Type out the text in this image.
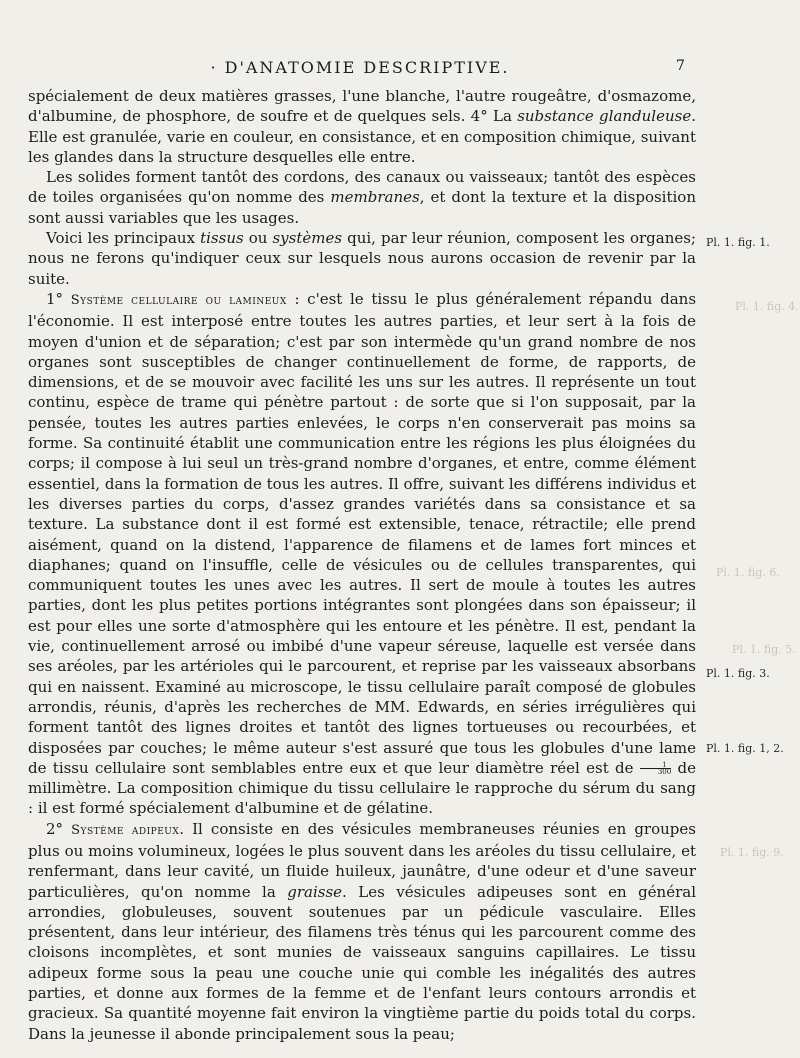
· D'ANATOMIE DESCRIPTIVE.	7

spécialement de deux matières grasses, l'une blanche, l'autre rougeâtre, d'osmazome, d'albumine, de phosphore, de soufre et de quelques sels. 4° La substance glanduleuse. Elle est granulée, varie en couleur, en consistance, et en composition chimique, suivant les glandes dans la structure desquelles elle entre.

Les solides forment tantôt des cordons, des canaux ou vaisseaux; tantôt des espèces de toiles organisées qu'on nomme des membranes, et dont la texture et la disposition sont aussi variables que les usages.

Voici les principaux tissus ou systèmes qui, par leur réunion, composent les organes; nous ne ferons qu'indiquer ceux sur lesquels nous aurons occasion de revenir par la suite.

1° Système cellulaire ou lamineux : c'est le tissu le plus généralement répandu dans l'économie. Il est interposé entre toutes les autres parties, et leur sert à la fois de moyen d'union et de séparation; c'est par son intermède qu'un grand nombre de nos organes sont susceptibles de changer continuellement de forme, de rapports, de dimensions, et de se mouvoir avec facilité les uns sur les autres. Il représente un tout continu, espèce de trame qui pénètre partout : de sorte que si l'on supposait, par la pensée, toutes les autres parties enlevées, le corps n'en conserverait pas moins sa forme. Sa continuité établit une communication entre les régions les plus éloignées du corps; il compose à lui seul un très-grand nombre d'organes, et entre, comme élément essentiel, dans la formation de tous les autres. Il offre, suivant les différens individus et les diverses parties du corps, d'assez grandes variétés dans sa consistance et sa texture. La substance dont il est formé est extensible, tenace, rétractile; elle prend aisément, quand on la distend, l'apparence de filamens et de lames fort minces et diaphanes; quand on l'insuffle, celle de vésicules ou de cellules transparentes, qui communiquent toutes les unes avec les autres. Il sert de moule à toutes les autres parties, dont les plus petites portions intégrantes sont plongées dans son épaisseur; il est pour elles une sorte d'atmosphère qui les entoure et les pénètre. Il est, pendant la vie, continuellement arrosé ou imbibé d'une vapeur séreuse, laquelle est versée dans ses aréoles, par les artérioles qui le parcourent, et reprise par les vaisseaux absorbans qui en naissent. Examiné au microscope, le tissu cellulaire paraît composé de globules arrondis, réunis, d'après les recherches de MM. Edwards, en séries irrégulières qui forment tantôt des lignes droites et tantôt des lignes tortueuses ou recourbées, et disposées par couches; le même auteur s'est assuré que tous les globules d'une lame de tissu cellulaire sont semblables entre eux et que leur diamètre réel est de $\frac{1}{300}$ de millimètre. La composition chimique du tissu cellulaire le rapproche du sérum du sang : il est formé spécialement d'albumine et de gélatine.

2° Système adipeux. Il consiste en des vésicules membraneuses réunies en groupes plus ou moins volumineux, logées le plus souvent dans les aréoles du tissu cellulaire, et renfermant, dans leur cavité, un fluide huileux, jaunâtre, d'une odeur et d'une saveur particulières, qu'on nomme la graisse. Les vésicules adipeuses sont en général arrondies, globuleuses, souvent soutenues par un pédicule vasculaire. Elles présentent, dans leur intérieur, des filamens très ténus qui les parcourent comme des cloisons incomplètes, et sont munies de vaisseaux sanguins capillaires. Le tissu adipeux forme sous la peau une couche unie qui comble les inégalités des autres parties, et donne aux formes de la femme et de l'enfant leurs contours arrondis et gracieux. Sa quantité moyenne fait environ la vingtième partie du poids total du corps. Dans la jeunesse il abonde principalement sous la peau;

Pl. 1. fig. 1.
Pl. 1. fig. 3.
Pl. 1. fig. 1, 2.
Pl. 1. fig. 4.
Pl. 1. fig. 6.
Pl. 1. fig. 5.
Pl. 1. fig. 9.
